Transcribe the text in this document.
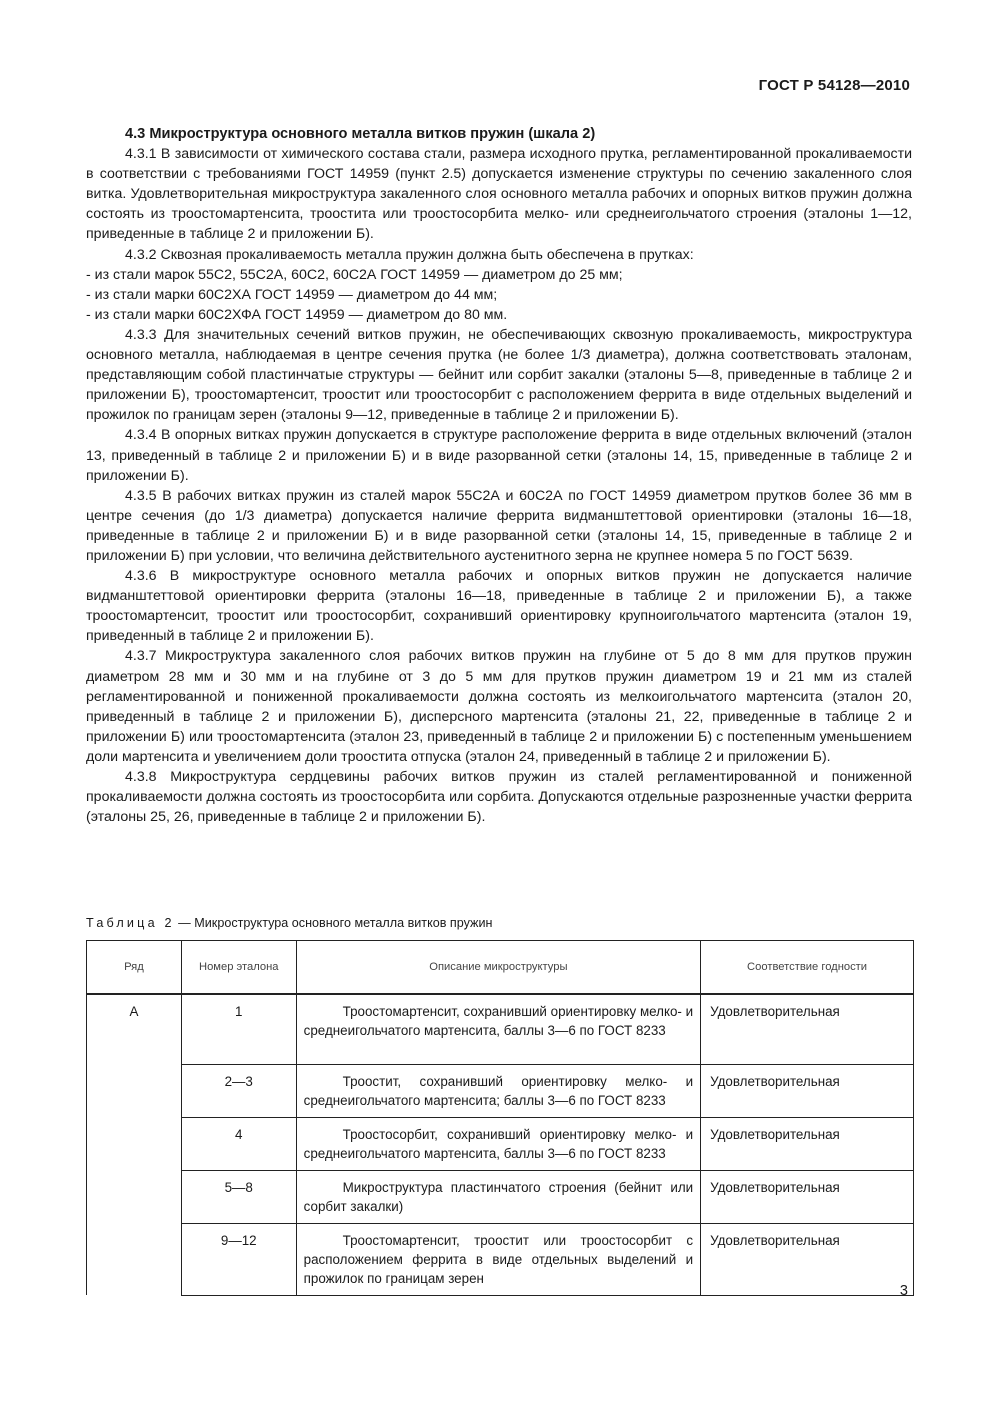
ГОСТ Р 54128—2010

4.3 Микроструктура основного металла витков пружин (шкала 2)

4.3.1 В зависимости от химического состава стали, размера исходного прутка, регламентированной прокаливаемости в соответствии с требованиями ГОСТ 14959 (пункт 2.5) допускается изменение структуры по сечению закаленного слоя витка. Удовлетворительная микроструктура закаленного слоя основного металла рабочих и опорных витков пружин должна состоять из трооcтомартенсита, троостита или троостосорбита мелко- или среднеигольчатого строения (эталоны 1—12, приведенные в таблице 2 и приложении Б).

4.3.2 Сквозная прокаливаемость металла пружин должна быть обеспечена в прутках:

- из стали марок 55С2, 55С2А, 60С2, 60С2А ГОСТ 14959 — диаметром до 25 мм;

- из стали марки 60С2ХА ГОСТ 14959 — диаметром до 44 мм;

- из стали марки 60С2ХФА ГОСТ 14959 — диаметром до 80 мм.

4.3.3 Для значительных сечений витков пружин, не обеспечивающих сквозную прокаливаемость, микроструктура основного металла, наблюдаемая в центре сечения прутка (не более 1/3 диаметра), должна соответствовать эталонам, представляющим собой пластинчатые структуры — бейнит или сорбит закалки (эталоны 5—8, приведенные в таблице 2 и приложении Б), трооcтомартенсит, троостит или троостосорбит с расположением феррита в виде отдельных выделений и прожилок по границам зерен (эталоны 9—12, приведенные в таблице 2 и приложении Б).

4.3.4 В опорных витках пружин допускается в структуре расположение феррита в виде отдельных включений (эталон 13, приведенный в таблице 2 и приложении Б) и в виде разорванной сетки (эталоны 14, 15, приведенные в таблице 2 и приложении Б).

4.3.5 В рабочих витках пружин из сталей марок 55С2А и 60С2А по ГОСТ 14959 диаметром прутков более 36 мм в центре сечения (до 1/3 диаметра) допускается наличие феррита видманштеттовой ориентировки (эталоны 16—18, приведенные в таблице 2 и приложении Б) и в виде разорванной сетки (эталоны 14, 15, приведенные в таблице 2 и приложении Б) при условии, что величина действительного аустенитного зерна не крупнее номера 5 по ГОСТ 5639.

4.3.6 В микроструктуре основного металла рабочих и опорных витков пружин не допускается наличие видманштеттовой ориентировки феррита (эталоны 16—18, приведенные в таблице 2 и приложении Б), а также трооcтомартенсит, троостит или троостосорбит, сохранивший ориентировку крупноигольчатого мартенсита (эталон 19, приведенный в таблице 2 и приложении Б).

4.3.7 Микроструктура закаленного слоя рабочих витков пружин на глубине от 5 до 8 мм для прутков пружин диаметром 28 мм и 30 мм и на глубине от 3 до 5 мм для прутков пружин диаметром 19 и 21 мм из сталей регламентированной и пониженной прокаливаемости должна состоять из мелкоигольчатого мартенсита (эталон 20, приведенный в таблице 2 и приложении Б), дисперсного мартенсита (эталоны 21, 22, приведенные в таблице 2 и приложении Б) или трооcтомартенсита (эталон 23, приведенный в таблице 2 и приложении Б) с постепенным уменьшением доли мартенсита и увеличением доли троостита отпуска (эталон 24, приведенный в таблице 2 и приложении Б).

4.3.8 Микроструктура сердцевины рабочих витков пружин из сталей регламентированной и пониженной прокаливаемости должна состоять из троостосорбита или сорбита. Допускаются отдельные разрозненные участки феррита (эталоны 25, 26, приведенные в таблице 2 и приложении Б).

Таблица 2 — Микроструктура основного металла витков пружин
Ряд	Номер эталона	Описание микроструктуры	Соответствие годности
А	1	Трооcтомартенсит, сохранивший ориентировку мелко- и среднеигольчатого мартенсита, баллы 3—6 по ГОСТ 8233	Удовлетворительная
	2—3	Троостит, сохранивший ориентировку мелко- и среднеигольчатого мартенсита; баллы 3—6 по ГОСТ 8233	Удовлетворительная
	4	Троостосорбит, сохранивший ориентировку мелко- и среднеигольчатого мартенсита, баллы 3—6 по ГОСТ 8233	Удовлетворительная
	5—8	Микроструктура пластинчатого строения (бейнит или сорбит закалки)	Удовлетворительная
	9—12	Трооcтомартенсит, троостит или троостосорбит с расположением феррита в виде отдельных выделений и прожилок по границам зерен	Удовлетворительная
3
